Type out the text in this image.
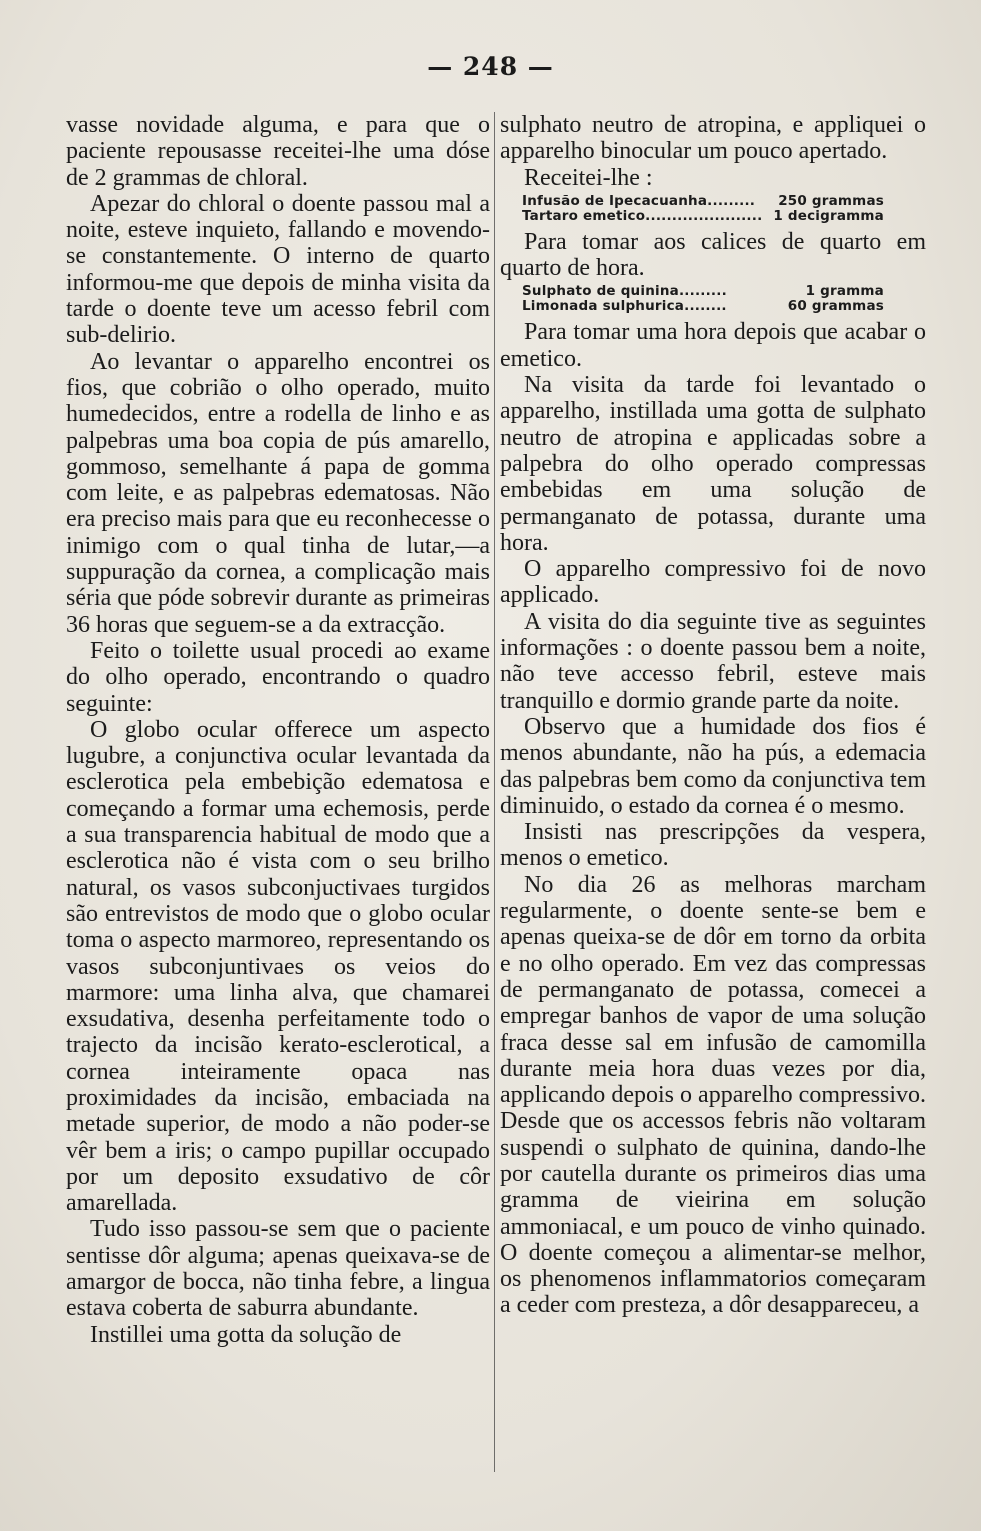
— 248 —

vasse novidade alguma, e para que o paciente repousasse receitei-lhe uma dóse de 2 grammas de chloral.

Apezar do chloral o doente passou mal a noite, esteve inquieto, fallando e movendo-se constantemente. O interno de quarto informou-me que depois de minha visita da tarde o doente teve um acesso febril com sub-delirio.

Ao levantar o apparelho encontrei os fios, que cobrião o olho operado, muito humedecidos, entre a rodella de linho e as palpebras uma boa copia de pús amarello, gommoso, semelhante á papa de gomma com leite, e as palpebras edematosas. Não era preciso mais para que eu reconhecesse o inimigo com o qual tinha de lutar,—a suppuração da cornea, a complicação mais séria que póde sobrevir durante as primeiras 36 horas que seguem-se a da extracção.

Feito o toilette usual procedi ao exame do olho operado, encontrando o quadro seguinte:

O globo ocular offerece um aspecto lugubre, a conjunctiva ocular levantada da esclerotica pela embebição edematosa e começando a formar uma echemosis, perde a sua transparencia habitual de modo que a esclerotica não é vista com o seu brilho natural, os vasos subconjuctivaes turgidos são entrevistos de modo que o globo ocular toma o aspecto marmoreo, representando os vasos subconjuntivaes os veios do marmore: uma linha alva, que chamarei exsudativa, desenha perfeitamente todo o trajecto da incisão kerato-esclerotical, a cornea inteiramente opaca nas proximidades da incisão, embaciada na metade superior, de modo a não poder-se vêr bem a iris; o campo pupillar occupado por um deposito exsudativo de côr amarellada.

Tudo isso passou-se sem que o paciente sentisse dôr alguma; apenas queixava-se de amargor de bocca, não tinha febre, a lingua estava coberta de saburra abundante.

Instillei uma gotta da solução de

sulphato neutro de atropina, e appliquei o apparelho binocular um pouco apertado.

Receitei-lhe :

Infusão de Ipecacuanha......... 250 grammas
Tartaro emetico...................... 1 decigramma

Para tomar aos calices de quarto em quarto de hora.

Sulphato de quinina.........	1 gramma
Limonada sulphurica........	60 grammas

Para tomar uma hora depois que acabar o emetico.

Na visita da tarde foi levantado o apparelho, instillada uma gotta de sulphato neutro de atropina e applicadas sobre a palpebra do olho operado compressas embebidas em uma solução de permanganato de potassa, durante uma hora.

O apparelho compressivo foi de novo applicado.

A visita do dia seguinte tive as seguintes informações : o doente passou bem a noite, não teve accesso febril, esteve mais tranquillo e dormio grande parte da noite.

Observo que a humidade dos fios é menos abundante, não ha pús, a edemacia das palpebras bem como da conjunctiva tem diminuido, o estado da cornea é o mesmo.

Insisti nas prescripções da vespera, menos o emetico.

No dia 26 as melhoras marcham regularmente, o doente sente-se bem e apenas queixa-se de dôr em torno da orbita e no olho operado. Em vez das compressas de permanganato de potassa, comecei a empregar banhos de vapor de uma solução fraca desse sal em infusão de camomilla durante meia hora duas vezes por dia, applicando depois o apparelho compressivo. Desde que os accessos febris não voltaram suspendi o sulphato de quinina, dando-lhe por cautella durante os primeiros dias uma gramma de vieirina em solução ammoniacal, e um pouco de vinho quinado. O doente começou a alimentar-se melhor, os phenomenos inflammatorios começaram a ceder com presteza, a dôr desappareceu, a
